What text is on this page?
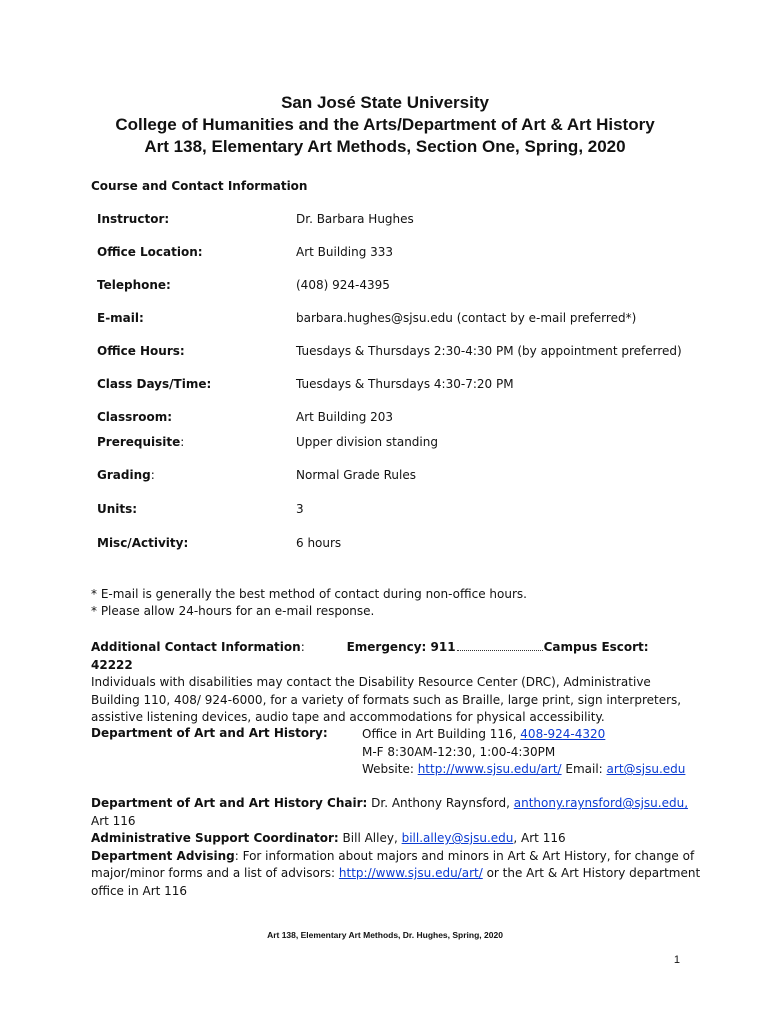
San José State University
College of Humanities and the Arts/Department of Art & Art History
Art 138, Elementary Art Methods, Section One, Spring, 2020
Course and Contact Information
Instructor:	Dr. Barbara Hughes
Office Location:	Art Building 333
Telephone:	(408) 924-4395
E-mail:	barbara.hughes@sjsu.edu (contact by e-mail preferred*)
Office Hours:	Tuesdays & Thursdays 2:30-4:30 PM (by appointment preferred)
Class Days/Time:	Tuesdays & Thursdays 4:30-7:20 PM
Classroom:	Art Building 203
Prerequisite:	Upper division standing
Grading:	Normal Grade Rules
Units:	3
Misc/Activity:	6 hours
* E-mail is generally the best method of contact during non-office hours.
* Please allow 24-hours for an e-mail response.
Additional Contact Information:	Emergency: 911	Campus Escort: 42222
Individuals with disabilities may contact the Disability Resource Center (DRC), Administrative Building 110, 408/ 924-6000, for a variety of formats such as Braille, large print, sign interpreters, assistive listening devices, audio tape and accommodations for physical accessibility.
Department of Art and Art History:	Office in Art Building 116, 408-924-4320
M-F 8:30AM-12:30, 1:00-4:30PM
Website: http://www.sjsu.edu/art/ Email: art@sjsu.edu
Department of Art and Art History Chair: Dr. Anthony Raynsford, anthony.raynsford@sjsu.edu, Art 116
Administrative Support Coordinator: Bill Alley, bill.alley@sjsu.edu, Art 116
Department Advising: For information about majors and minors in Art & Art History, for change of major/minor forms and a list of advisors: http://www.sjsu.edu/art/ or the Art & Art History department office in Art 116
Art 138, Elementary Art Methods, Dr. Hughes, Spring, 2020
1
